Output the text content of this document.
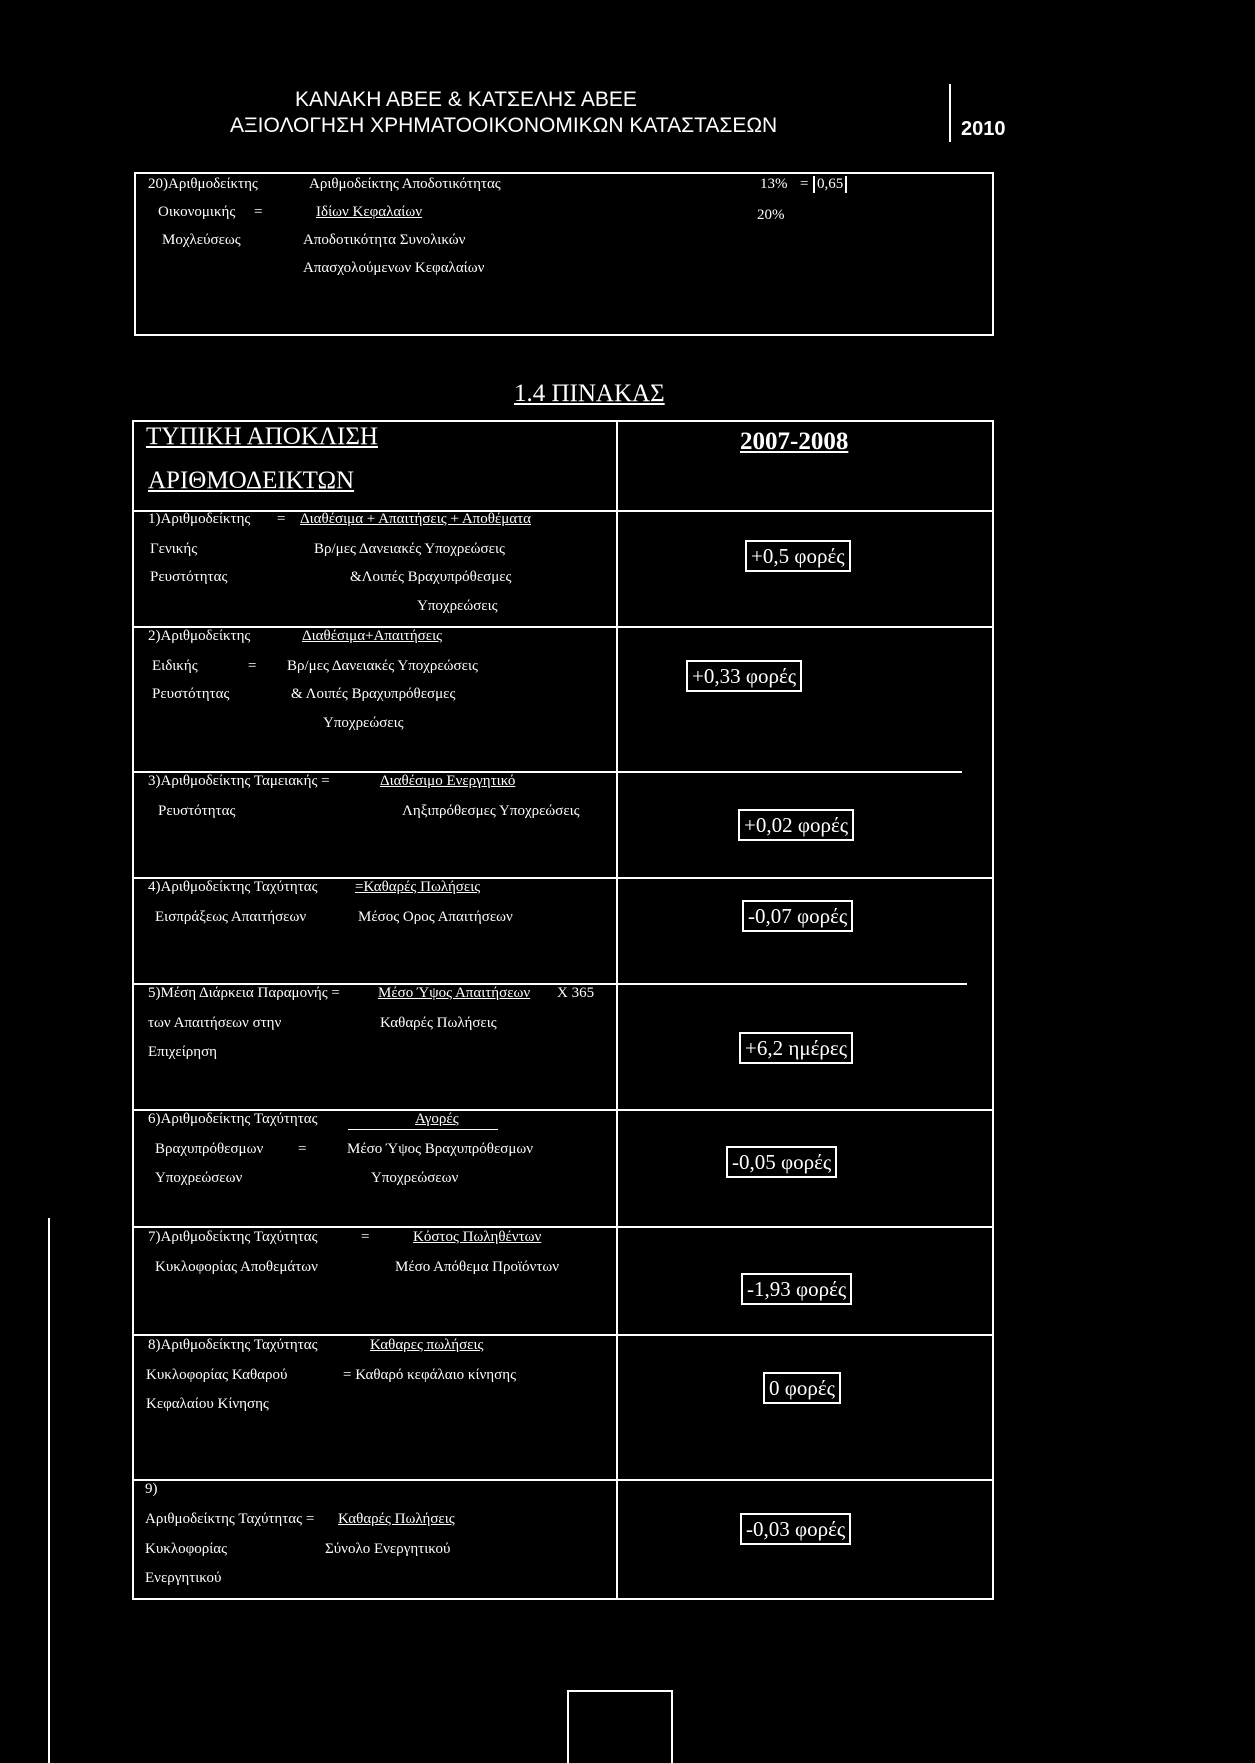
ΚΑΝΑΚΗ ΑΒΕΕ & ΚΑΤΣΕΛΗΣ ΑΒΕΕ
ΑΞΙΟΛΟΓΗΣΗ ΧΡΗΜΑΤΟΟΙΚΟΝΟΜΙΚΩΝ ΚΑΤΑΣΤΑΣΕΩΝ	2010
20)Αριθμοδείκτης
Οικονομικής =
Μοχλεύσεως
Αριθμοδείκτης Αποδοτικότητας
Ιδίων Κεφαλαίων
Αποδοτικότητα Συνολικών
Απασχολούμενων Κεφαλαίων
13% = 0,65
20%
1.4 ΠΙΝΑΚΑΣ
ΤΥΠΙΚΗ ΑΠΟΚΛΙΣΗ
ΑΡΙΘΜΟΔΕΙΚΤΩΝ
2007-2008
1)Αριθμοδείκτης = Διαθέσιμα + Απαιτήσεις + Αποθέματα
Γενικής	Βρ/μες Δανειακές Υποχρεώσεις
Ρευστότητας	&Λοιπές Βραχυπρόθεσμες
Υποχρεώσεις
+0,5 φορές
2)Αριθμοδείκτης	Διαθέσιμα+Απαιτήσεις
Ειδικής	= Βρ/μες Δανειακές Υποχρεώσεις
Ρευστότητας	& Λοιπές Βραχυπρόθεσμες
Υποχρεώσεις
+0,33 φορές
3)Αριθμοδείκτης Ταμειακής =	Διαθέσιμο Ενεργητικό
Ρευστότητας	Ληξιπρόθεσμες Υποχρεώσεις
+0,02 φορές
4)Αριθμοδείκτης Ταχύτητας =Καθαρές Πωλήσεις
Εισπράξεως Απαιτήσεων	Μέσος Ορος Απαιτήσεων	-0,07 φορές
5)Μέση Διάρκεια Παραμονής =	Μέσο Ύψος Απαιτήσεων X 365
των Απαιτήσεων στην	Καθαρές Πωλήσεις
Επιχείρηση	+6,2 ημέρες
6)Αριθμοδείκτης Ταχύτητας	Αγορές
Βραχυπρόθεσμων =	Μέσο Ύψος Βραχυπρόθεσμων
Υποχρεώσεων	Υποχρεώσεων
-0,05 φορές
7)Αριθμοδείκτης Ταχύτητας	=	Κόστος Πωληθέντων
Κυκλοφορίας Αποθεμάτων	Μέσο Απόθεμα Προϊόντων
-1,93 φορές
8)Αριθμοδείκτης Ταχύτητας	Καθαρες πωλήσεις
Κυκλοφορίας Καθαρού	= Καθαρό κεφάλαιο κίνησης
Κεφαλαίου Κίνησης
0 φορές
9)
Αριθμοδείκτης Ταχύτητας = Καθαρές Πωλήσεις
Κυκλοφορίας	Σύνολο Ενεργητικού
Ενεργητικού
-0,03 φορές
